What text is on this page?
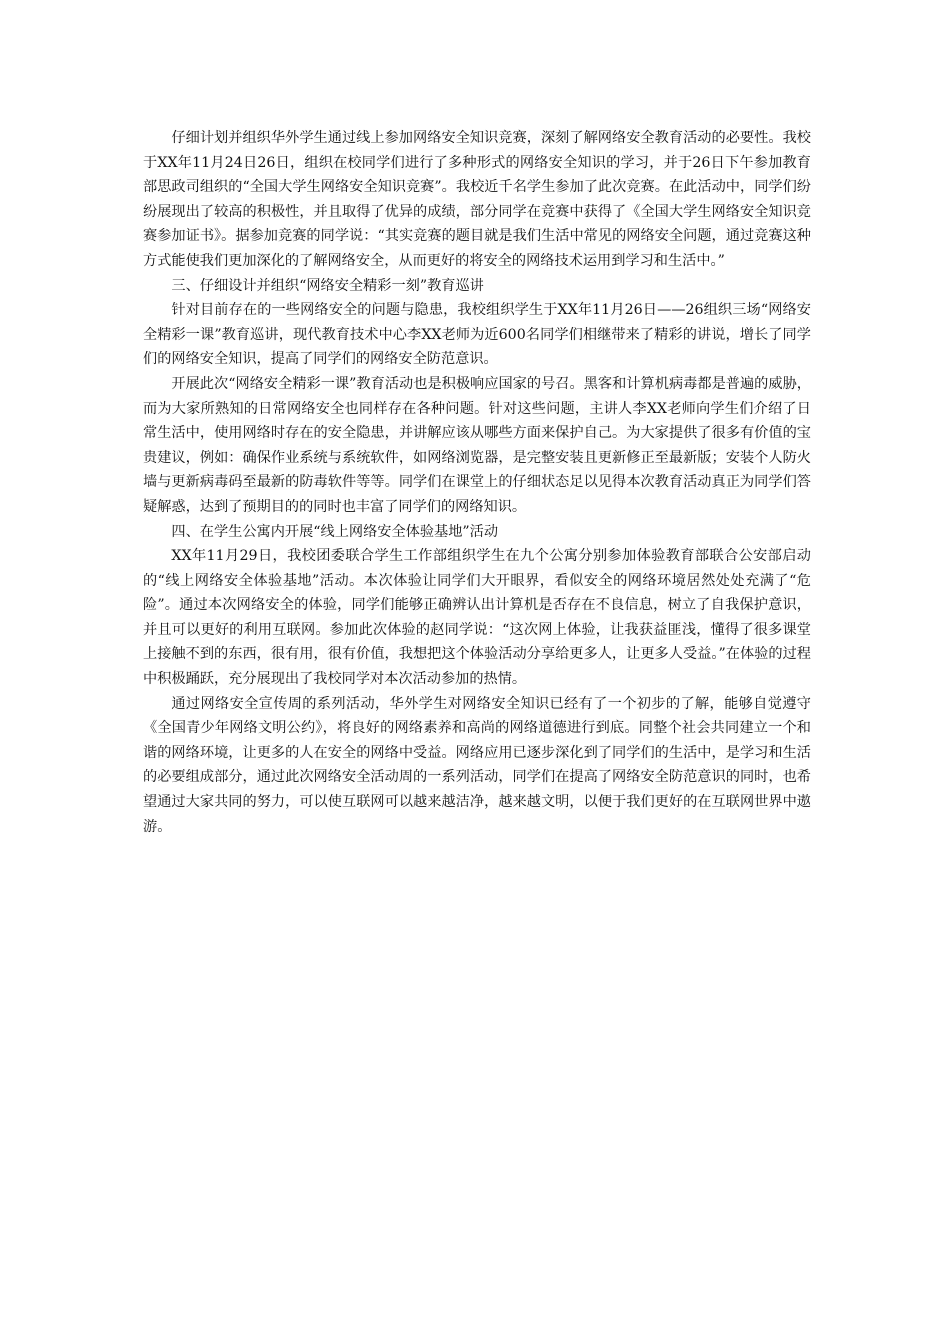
仔细计划并组织华外学生通过线上参加网络安全知识竞赛，深刻了解网络安全教育活动的必要性。我校于XX年11月24日26日，组织在校同学们进行了多种形式的网络安全知识的学习，并于26日下午参加教育部思政司组织的“全国大学生网络安全知识竞赛”。我校近千名学生参加了此次竞赛。在此活动中，同学们纷纷展现出了较高的积极性，并且取得了优异的成绩，部分同学在竞赛中获得了《全国大学生网络安全知识竞赛参加证书》。据参加竞赛的同学说：“其实竞赛的题目就是我们生活中常见的网络安全问题，通过竞赛这种方式能使我们更加深化的了解网络安全，从而更好的将安全的网络技术运用到学习和生活中。”

三、仔细设计并组织“网络安全精彩一刻”教育巡讲

针对目前存在的一些网络安全的问题与隐患，我校组织学生于XX年11月26日——26组织三场“网络安全精彩一课”教育巡讲，现代教育技术中心李XX老师为近600名同学们相继带来了精彩的讲说，增长了同学们的网络安全知识，提高了同学们的网络安全防范意识。

开展此次“网络安全精彩一课”教育活动也是积极响应国家的号召。黑客和计算机病毒都是普遍的威胁，而为大家所熟知的日常网络安全也同样存在各种问题。针对这些问题，主讲人李XX老师向学生们介绍了日常生活中，使用网络时存在的安全隐患，并讲解应该从哪些方面来保护自己。为大家提供了很多有价值的宝贵建议，例如：确保作业系统与系统软件，如网络浏览器，是完整安装且更新修正至最新版；安装个人防火墙与更新病毒码至最新的防毒软件等等。同学们在课堂上的仔细状态足以见得本次教育活动真正为同学们答疑解惑，达到了预期目的的同时也丰富了同学们的网络知识。

四、在学生公寓内开展“线上网络安全体验基地”活动

XX年11月29日，我校团委联合学生工作部组织学生在九个公寓分别参加体验教育部联合公安部启动的“线上网络安全体验基地”活动。本次体验让同学们大开眼界，看似安全的网络环境居然处处充满了“危险”。通过本次网络安全的体验，同学们能够正确辨认出计算机是否存在不良信息，树立了自我保护意识，并且可以更好的利用互联网。参加此次体验的赵同学说：“这次网上体验，让我获益匪浅，懂得了很多课堂上接触不到的东西，很有用，很有价值，我想把这个体验活动分享给更多人，让更多人受益。”在体验的过程中积极踊跃，充分展现出了我校同学对本次活动参加的热情。

通过网络安全宣传周的系列活动，华外学生对网络安全知识已经有了一个初步的了解，能够自觉遵守《全国青少年网络文明公约》，将良好的网络素养和高尚的网络道德进行到底。同整个社会共同建立一个和谐的网络环境，让更多的人在安全的网络中受益。网络应用已逐步深化到了同学们的生活中，是学习和生活的必要组成部分，通过此次网络安全活动周的一系列活动，同学们在提高了网络安全防范意识的同时，也希望通过大家共同的努力，可以使互联网可以越来越洁净，越来越文明，以便于我们更好的在互联网世界中遨游。
